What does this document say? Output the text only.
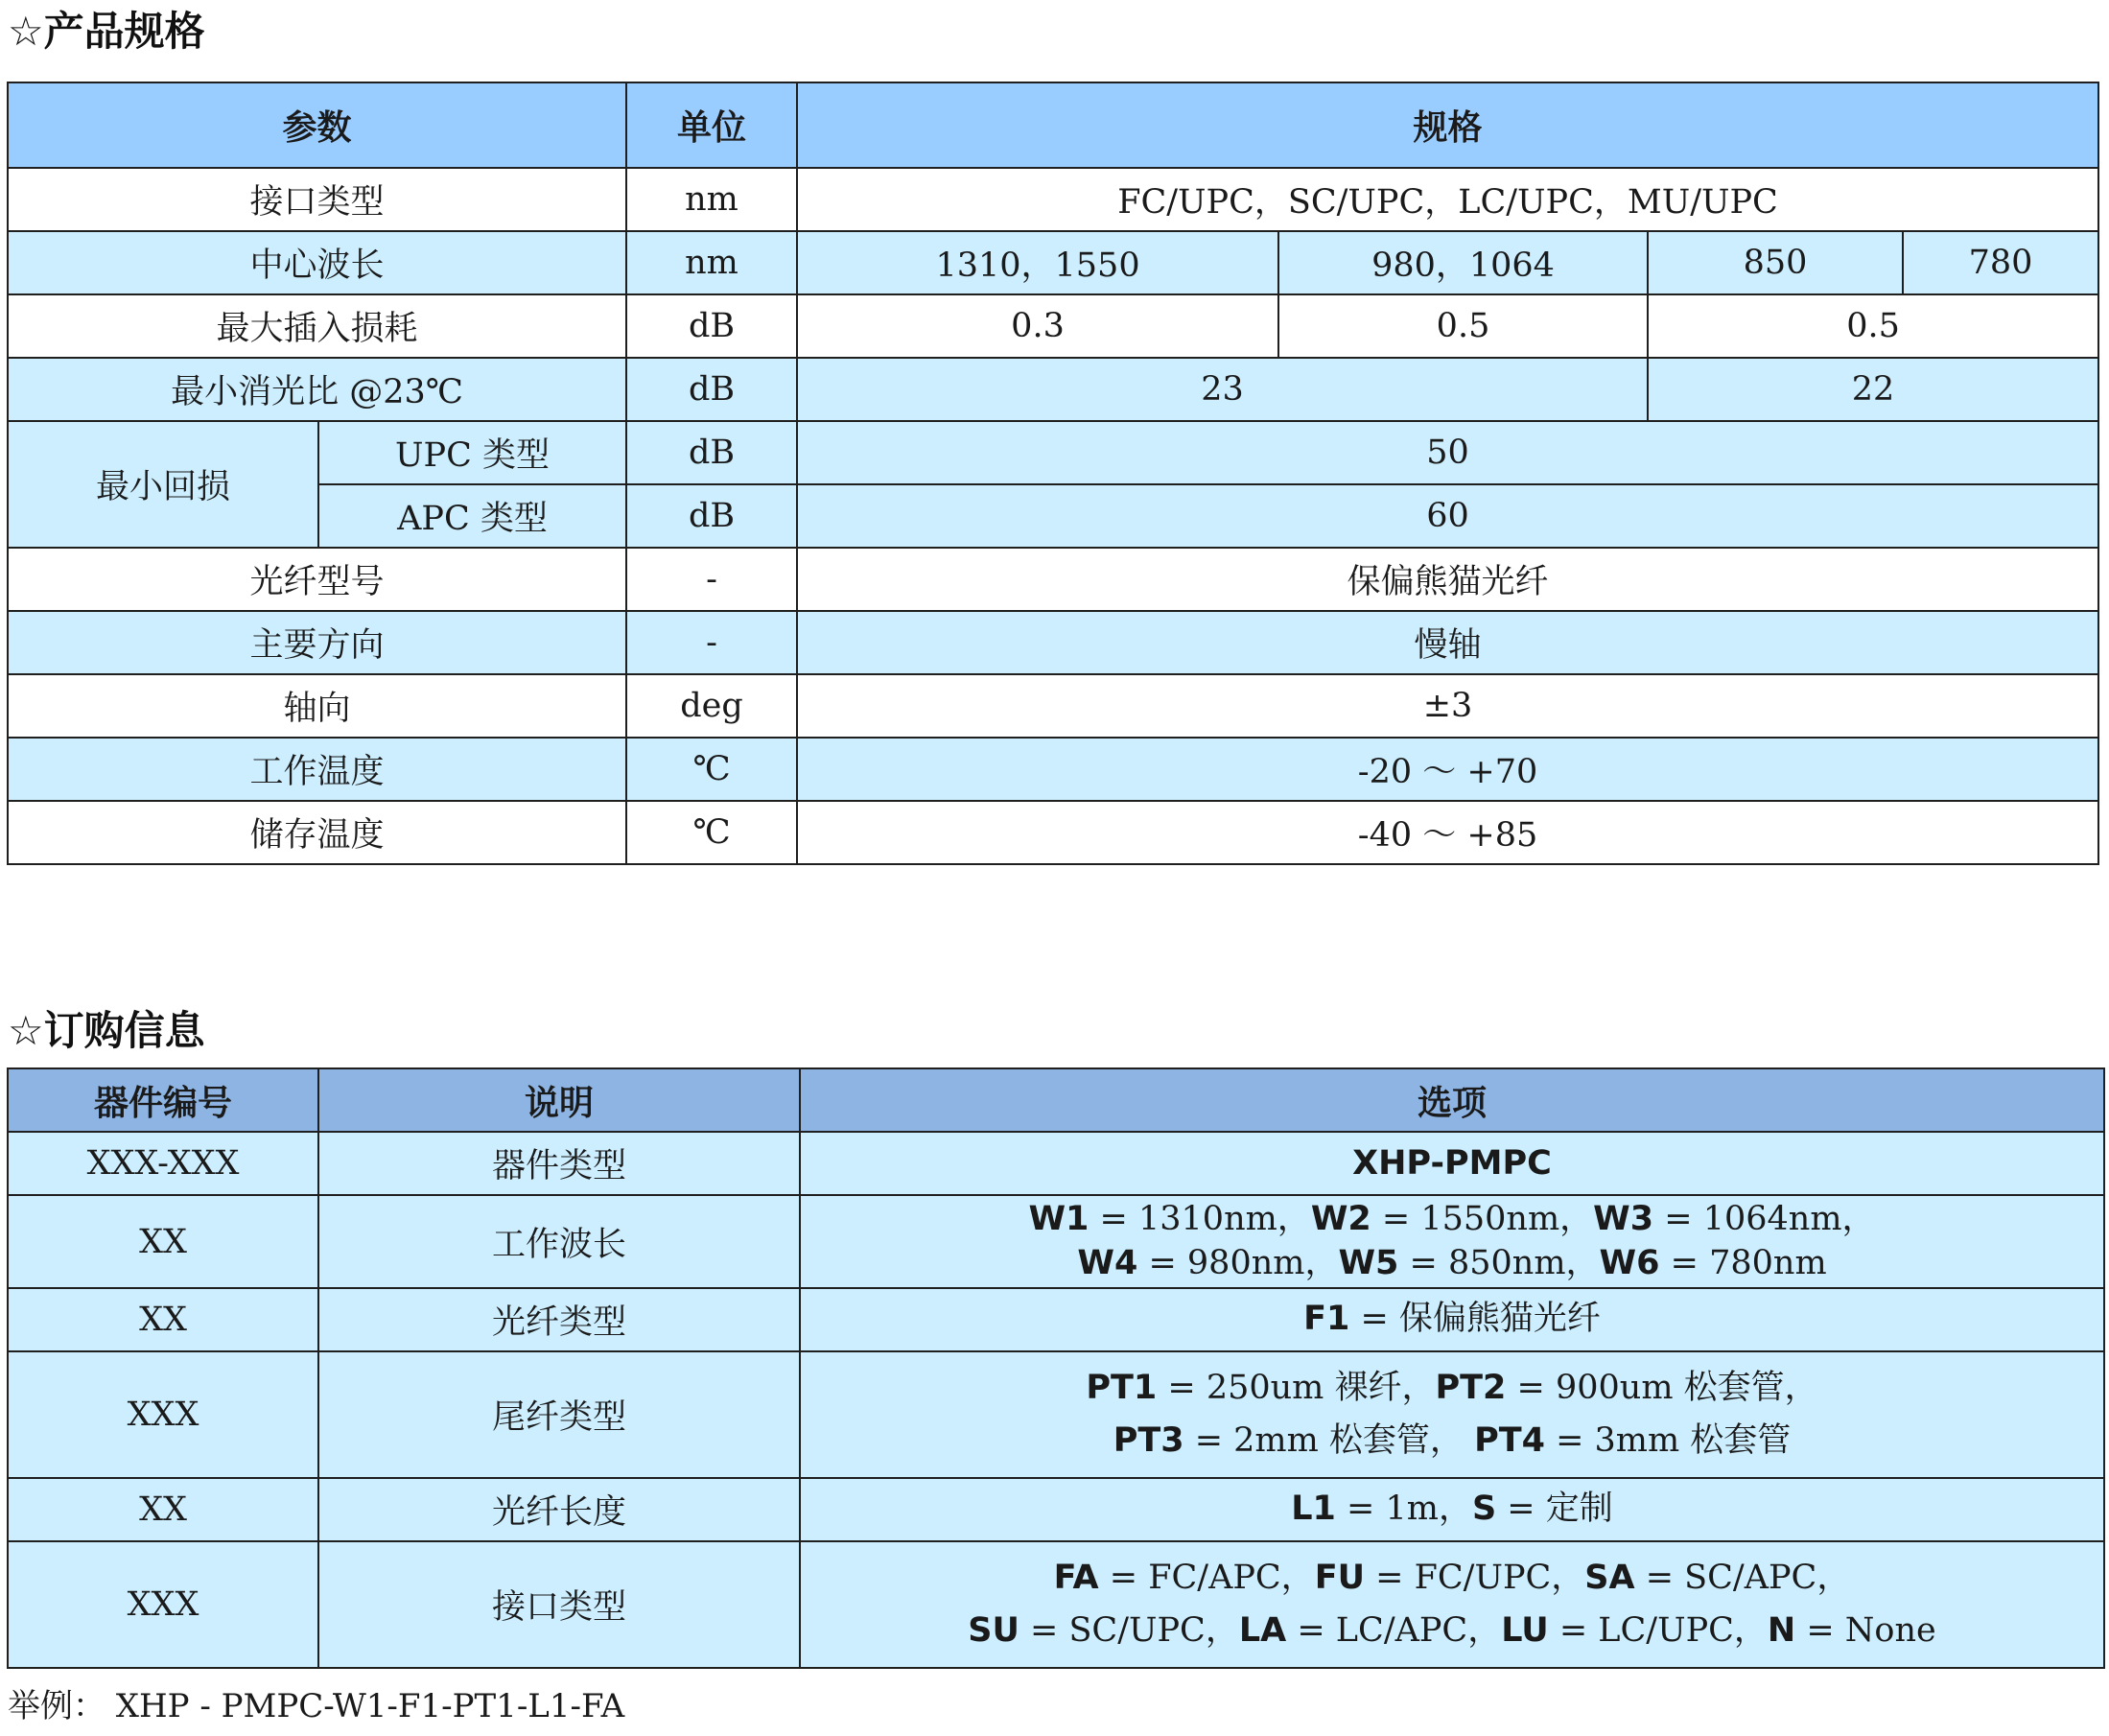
☆产品规格
参数		单位	规格			
接口类型		nm	FC/UPC，SC/UPC，LC/UPC，MU/UPC			
中心波长		nm	1310，1550	980，1064	850	780
最大插入损耗		dB	0.3	0.5	0.5	
最小消光比 @23℃		dB	23		22	
最小回损	UPC 类型	dB	50			
	APC 类型	dB	60			
光纤型号		-	保偏熊猫光纤			
主要方向		-	慢轴			
轴向		deg	±3			
工作温度		℃	-20 ～ +70			
储存温度		℃	-40 ～ +85			
☆订购信息
器件编号	说明	选项
XXX-XXX	器件类型	XHP-PMPC
XX	工作波长	W1 = 1310nm，W2 = 1550nm，W3 = 1064nm，
W4 = 980nm，W5 = 850nm，W6 = 780nm

XX	光纤类型	F1 = 保偏熊猫光纤

XXX	尾纤类型	PT1 = 250um 裸纤，PT2 = 900um 松套管，
PT3 = 2mm 松套管， PT4 = 3mm 松套管

XX	光纤长度	L1 = 1m，S = 定制

XXX	接口类型	FA = FC/APC，FU = FC/UPC，SA = SC/APC，
SU = SC/UPC，LA = LC/APC，LU = LC/UPC，N = None
举例： XHP - PMPC-W1-F1-PT1-L1-FA
